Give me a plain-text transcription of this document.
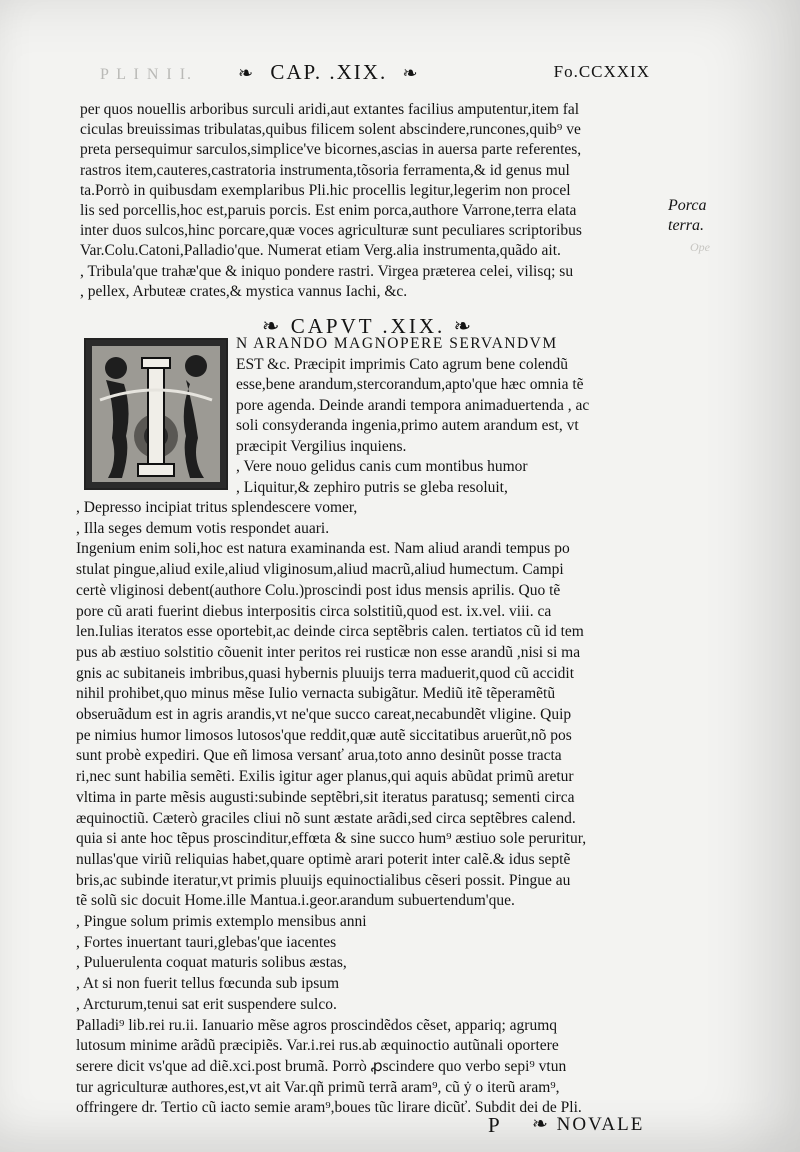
P L I N I I.
Ope
❧ CAP. .XIX. ❧	Fo.CCXXIX
per quos nouellis arboribus surculi aridi,aut extantes facilius amputentur,item fal
ciculas breuissimas tribulatas,quibus filicem solent abscindere,runcones,quib⁹ ve
preta persequimur sarculos,simplice've bicornes,ascias in auersa parte referentes,
rastros item,cauteres,castratoria instrumenta,tõsoria ferramenta,& id genus mul
ta.Porrò in quibusdam exemplaribus Pli.hic procellis legitur,legerim non procel
lis sed porcellis,hoc est,paruis porcis. Est enim porca,authore Varrone,terra elata
inter duos sulcos,hinc porcare,quæ voces agriculturæ sunt peculiares scriptoribus
Var.Colu.Catoni,Palladio'que. Numerat etiam Verg.alia instrumenta,quãdo ait.
, Tribula'que trahæ'que & iniquo pondere rastri. Virgea præterea celei, vilisq; su
, pellex, Arbuteæ crates,& mystica vannus Iachi, &c.
Porca
terra.
❧ CAPVT .XIX. ❧
N ARANDO MAGNOPERE SERVANDVM
EST &c. Præcipit imprimis Cato agrum bene colendũ
esse,bene arandum,stercorandum,apto'que hæc omnia tẽ
pore agenda. Deinde arandi tempora animaduertenda , ac
soli consyderanda ingenia,primo autem arandum est, vt
præcipit Vergilius inquiens.
, Vere nouo gelidus canis cum montibus humor
, Liquitur,& zephiro putris se gleba resoluit,
, Depresso incipiat tritus splendescere vomer,
, Illa seges demum votis respondet auari.
Ingenium enim soli,hoc est natura examinanda est. Nam aliud arandi tempus po
stulat pingue,aliud exile,aliud vliginosum,aliud macrũ,aliud humectum. Campi
certè vliginosi debent(authore Colu.)proscindi post idus mensis aprilis. Quo tẽ
pore cũ arati fuerint diebus interpositis circa solstitiũ,quod est. ix.vel. viii. ca
len.Iulias iteratos esse oportebit,ac deinde circa septẽbris calen. tertiatos cũ id tem
pus ab æstiuo solstitio cõuenit inter peritos rei rusticæ non esse arandũ ,nisi si ma
gnis ac subitaneis imbribus,quasi hybernis pluuijs terra maduerit,quod cũ accidit
nihil prohibet,quo minus mẽse Iulio vernacta subigãtur. Mediũ itẽ tẽperamẽtũ
obseruãdum est in agris arandis,vt ne'que succo careat,necabundẽt vligine. Quip
pe nimius humor limosos lutosos'que reddit,quæ autẽ siccitatibus aruerũt,nõ pos
sunt probè expediri. Que eñ limosa versanť arua,toto anno desinũt posse tracta
ri,nec sunt habilia semẽti. Exilis igitur ager planus,qui aquis abũdat primũ aretur
vltima in parte mẽsis augusti:subinde septẽbri,sit iteratus paratusq; sementi circa
æquinoctiũ. Cæterò graciles cliui nõ sunt æstate arãdi,sed circa septẽbres calend.
quia si ante hoc tẽpus proscinditur,effœta & sine succo hum⁹ æstiuo sole peruritur,
nullas'que viriũ reliquias habet,quare optimè arari poterit inter calẽ.& idus septẽ
bris,ac subinde iteratur,vt primis pluuijs equinoctialibus cẽseri possit. Pingue au
tẽ solũ sic docuit Home.ille Mantua.i.geor.arandum subuertendum'que.
, Pingue solum primis extemplo mensibus anni
, Fortes inuertant tauri,glebas'que iacentes
, Puluerulenta coquat maturis solibus æstas,
, At si non fuerit tellus fœcunda sub ipsum
, Arcturum,tenui sat erit suspendere sulco.
Palladi⁹ lib.rei ru.ii. Ianuario mẽse agros proscindẽdos cẽset, appariq; agrumq
lutosum minime arãdũ præcipiẽs. Var.i.rei rus.ab æquinoctio autũnali oportere
serere dicit vs'que ad diẽ.xci.post brumã. Porrò ꝓscindere quo verbo sepi⁹ vtun
tur agriculturæ authores,est,vt ait Var.qñ primũ terrã aram⁹, cũ ẏ o iterũ aram⁹,
offringere dr. Tertio cũ iacto semie aram⁹,boues tũc lirare dicũť. Subdit dei de Pli.
P ❧ NOVALE
